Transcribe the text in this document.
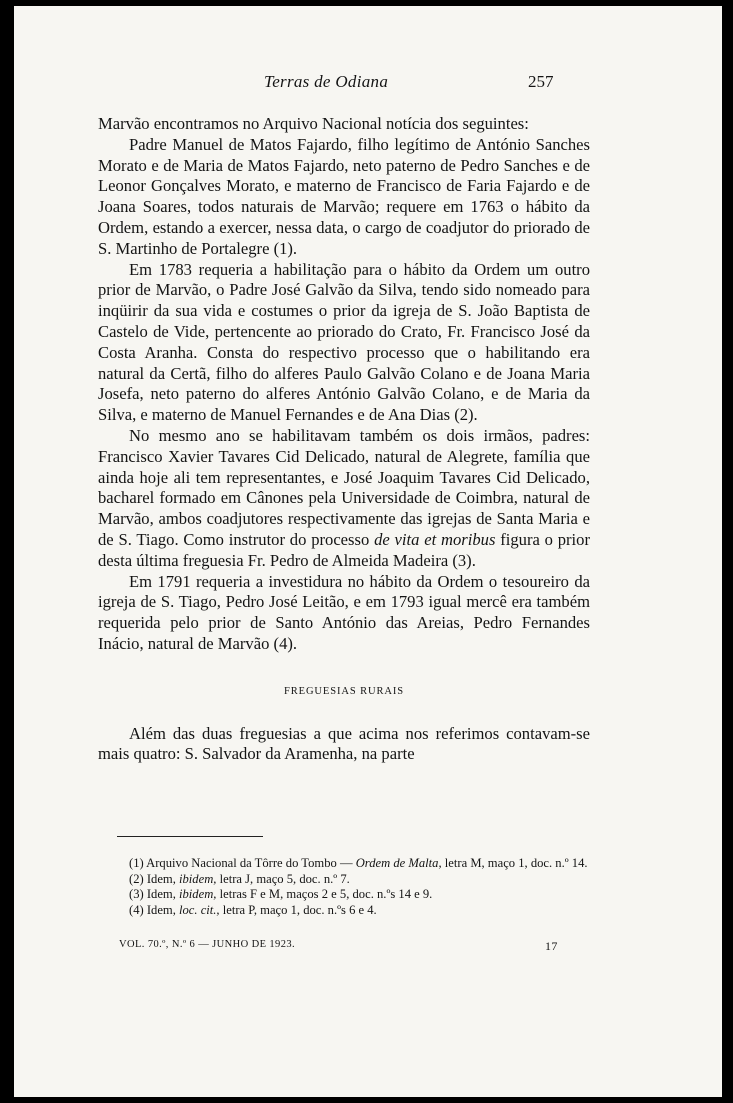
Terras de Odiana	257

Marvão encontramos no Arquivo Nacional notícia dos seguintes:

Padre Manuel de Matos Fajardo, filho legítimo de António Sanches Morato e de Maria de Matos Fajardo, neto paterno de Pedro Sanches e de Leonor Gonçalves Morato, e materno de Francisco de Faria Fajardo e de Joana Soares, todos naturais de Marvão; requere em 1763 o hábito da Ordem, estando a exercer, nessa data, o cargo de coadjutor do priorado de S. Martinho de Portalegre (1).

Em 1783 requeria a habilitação para o hábito da Ordem um outro prior de Marvão, o Padre José Galvão da Silva, tendo sido nomeado para inqüirir da sua vida e costumes o prior da igreja de S. João Baptista de Castelo de Vide, pertencente ao priorado do Crato, Fr. Francisco José da Costa Aranha. Consta do respectivo processo que o habilitando era natural da Certã, filho do alferes Paulo Galvão Colano e de Joana Maria Josefa, neto paterno do alferes António Galvão Colano, e de Maria da Silva, e materno de Manuel Fernandes e de Ana Dias (2).

No mesmo ano se habilitavam também os dois irmãos, padres: Francisco Xavier Tavares Cid Delicado, natural de Alegrete, família que ainda hoje ali tem representantes, e José Joaquim Tavares Cid Delicado, bacharel formado em Cânones pela Universidade de Coimbra, natural de Marvão, ambos coadjutores respectivamente das igrejas de Santa Maria e de S. Tiago. Como instrutor do processo de vita et moribus figura o prior desta última freguesia Fr. Pedro de Almeida Madeira (3).

Em 1791 requeria a investidura no hábito da Ordem o tesoureiro da igreja de S. Tiago, Pedro José Leitão, e em 1793 igual mercê era também requerida pelo prior de Santo António das Areias, Pedro Fernandes Inácio, natural de Marvão (4).

FREGUESIAS RURAIS

Além das duas freguesias a que acima nos referimos contavam-se mais quatro: S. Salvador da Aramenha, na parte

(1) Arquivo Nacional da Tôrre do Tombo — Ordem de Malta, letra M, maço 1, doc. n.º 14.

(2) Idem, ibidem, letra J, maço 5, doc. n.º 7.

(3) Idem, ibidem, letras F e M, maços 2 e 5, doc. n.ºs 14 e 9.

(4) Idem, loc. cit., letra P, maço 1, doc. n.ºs 6 e 4.

VOL. 70.º, N.º 6 — JUNHO DE 1923.	17
